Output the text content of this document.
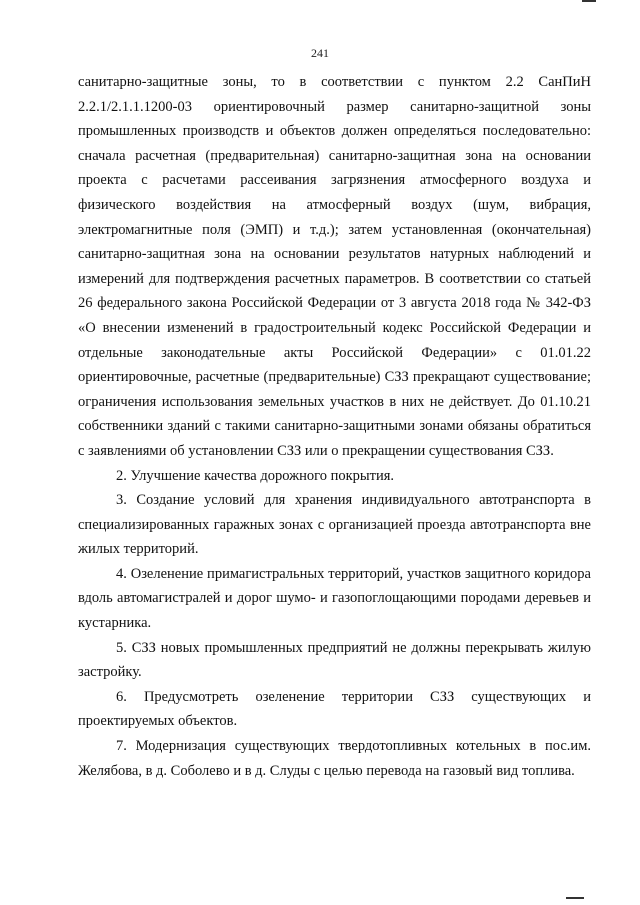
241

санитарно-защитные зоны, то в соответствии с пунктом 2.2 СанПиН 2.2.1/2.1.1.1200-03 ориентировочный размер санитарно-защитной зоны промышленных производств и объектов должен определяться последовательно: сначала расчетная (предварительная) санитарно-защитная зона на основании проекта с расчетами рассеивания загрязнения атмосферного воздуха и физического воздействия на атмосферный воздух (шум, вибрация, электромагнитные поля (ЭМП) и т.д.); затем установленная (окончательная) санитарно-защитная зона на основании результатов натурных наблюдений и измерений для подтверждения расчетных параметров. В соответствии со статьей 26 федерального закона Российской Федерации от 3 августа 2018 года № 342-ФЗ «О внесении изменений в градостроительный кодекс Российской Федерации и отдельные законодательные акты Российской Федерации» с 01.01.22 ориентировочные, расчетные (предварительные) СЗЗ прекращают существование; ограничения использования земельных участков в них не действует. До 01.10.21 собственники зданий с такими санитарно-защитными зонами обязаны обратиться с заявлениями об установлении СЗЗ или о прекращении существования СЗЗ.

2. Улучшение качества дорожного покрытия.

3. Создание условий для хранения индивидуального автотранспорта в специализированных гаражных зонах с организацией проезда автотранспорта вне жилых территорий.

4. Озеленение примагистральных территорий, участков защитного коридора вдоль автомагистралей и дорог шумо- и газопоглощающими породами деревьев и кустарника.

5. СЗЗ новых промышленных предприятий не должны перекрывать жилую застройку.

6. Предусмотреть озеленение территории СЗЗ существующих и проектируемых объектов.

7. Модернизация существующих твердотопливных котельных в пос.им. Желябова, в д. Соболево и в д. Слуды с целью перевода на газовый вид топлива.
